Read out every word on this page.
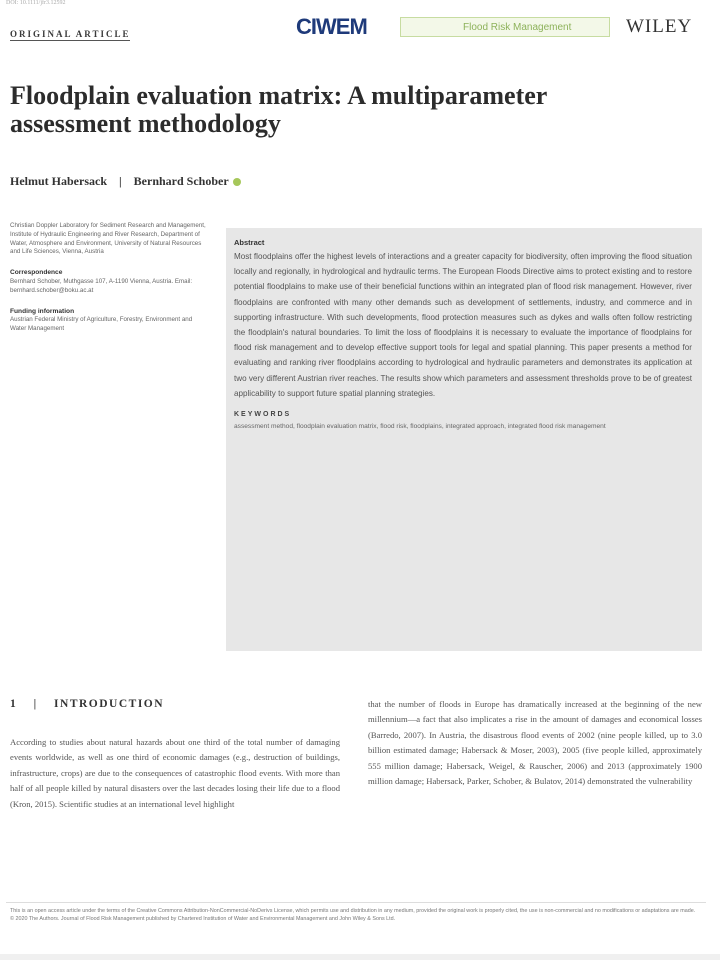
DOI: 10.1111/jfr3.12592
ORIGINAL ARTICLE	CIWEM	Flood Risk Management	WILEY
Floodplain evaluation matrix: A multiparameter assessment methodology
Helmut Habersack | Bernhard Schober
Christian Doppler Laboratory for Sediment Research and Management, Institute of Hydraulic Engineering and River Research, Department of Water, Atmosphere and Environment, University of Natural Resources and Life Sciences, Vienna, Austria
Correspondence
Bernhard Schober, Muthgasse 107, A-1190 Vienna, Austria. Email: bernhard.schober@boku.ac.at
Funding information
Austrian Federal Ministry of Agriculture, Forestry, Environment and Water Management
Abstract
Most floodplains offer the highest levels of interactions and a greater capacity for biodiversity, often improving the flood situation locally and regionally, in hydrological and hydraulic terms. The European Floods Directive aims to protect existing and to restore potential floodplains to make use of their beneficial functions within an integrated plan of flood risk management. However, river floodplains are confronted with many other demands such as development of settlements, industry, and commerce and in supporting infrastructure. With such developments, flood protection measures such as dykes and walls often follow restricting the floodplain's natural boundaries. To limit the loss of floodplains it is necessary to evaluate the importance of floodplains for flood risk management and to develop effective support tools for legal and spatial planning. This paper presents a method for evaluating and ranking river floodplains according to hydrological and hydraulic parameters and demonstrates its application at two very different Austrian river reaches. The results show which parameters and assessment thresholds prove to be of greatest applicability to support future spatial planning strategies.
KEYWORDS
assessment method, floodplain evaluation matrix, flood risk, floodplains, integrated approach, integrated flood risk management
1 | INTRODUCTION
According to studies about natural hazards about one third of the total number of damaging events worldwide, as well as one third of economic damages (e.g., destruction of buildings, infrastructure, crops) are due to the consequences of catastrophic flood events. With more than half of all people killed by natural disasters over the last decades losing their life due to a flood (Kron, 2015). Scientific studies at an international level highlight
that the number of floods in Europe has dramatically increased at the beginning of the new millennium—a fact that also implicates a rise in the amount of damages and economical losses (Barredo, 2007). In Austria, the disastrous flood events of 2002 (nine people killed, up to 3.0 billion estimated damage; Habersack & Moser, 2003), 2005 (five people killed, approximately 555 million damage; Habersack, Weigel, & Rauscher, 2006) and 2013 (approximately 1900 million damage; Habersack, Parker, Schober, & Bulatov, 2014) demonstrated the vulnerability
This is an open access article under the terms of the Creative Commons Attribution-NonCommercial-NoDerivs License, which permits use and distribution in any medium, provided the original work is properly cited, the use is non-commercial and no modifications or adaptations are made.
© 2020 The Authors. Journal of Flood Risk Management published by Chartered Institution of Water and Environmental Management and John Wiley & Sons Ltd.
